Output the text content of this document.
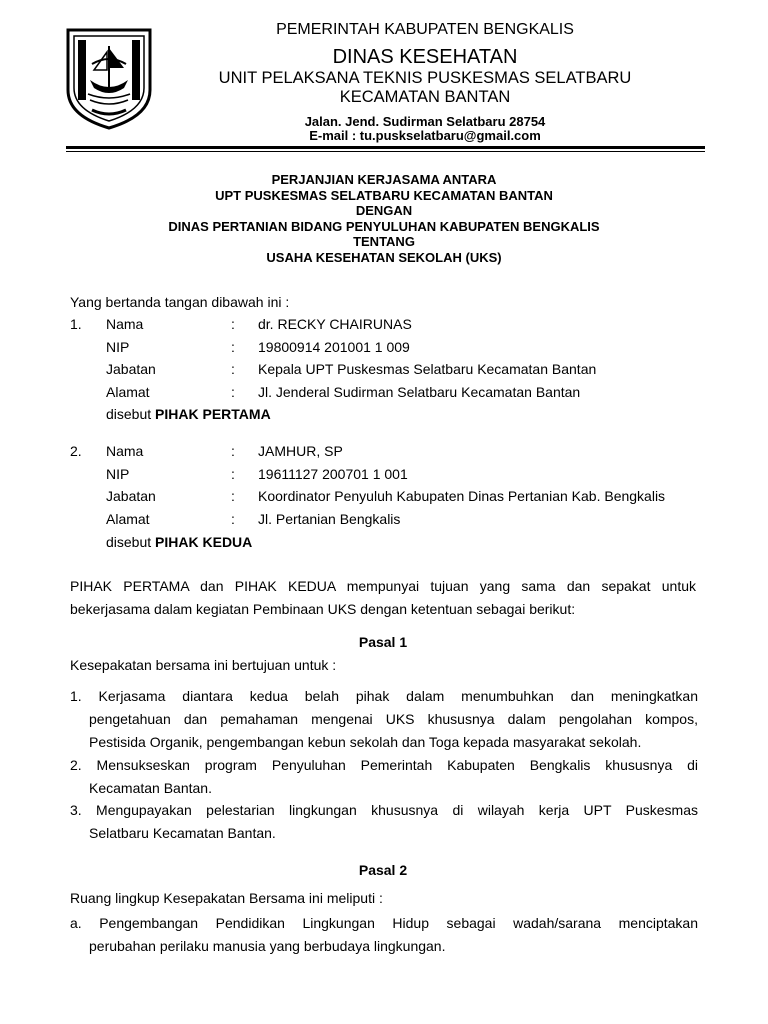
PEMERINTAH KABUPATEN BENGKALIS
DINAS KESEHATAN
UNIT PELAKSANA TEKNIS PUSKESMAS SELATBARU
KECAMATAN BANTAN
Jalan. Jend. Sudirman Selatbaru 28754
E-mail : tu.puskselatbaru@gmail.com
PERJANJIAN KERJASAMA ANTARA
UPT PUSKESMAS SELATBARU KECAMATAN BANTAN
DENGAN
DINAS PERTANIAN BIDANG PENYULUHAN KABUPATEN BENGKALIS
TENTANG
USAHA KESEHATAN SEKOLAH (UKS)
Yang bertanda tangan dibawah ini :
1. Nama	: dr. RECKY CHAIRUNAS
NIP	: 19800914 201001 1 009
Jabatan	: Kepala UPT Puskesmas Selatbaru Kecamatan Bantan
Alamat	: Jl. Jenderal Sudirman Selatbaru Kecamatan Bantan
disebut PIHAK PERTAMA
2. Nama	: JAMHUR, SP
NIP	: 19611127 200701 1 001
Jabatan	: Koordinator Penyuluh Kabupaten Dinas Pertanian Kab. Bengkalis
Alamat	: Jl. Pertanian Bengkalis
disebut PIHAK KEDUA
PIHAK PERTAMA dan PIHAK KEDUA mempunyai tujuan yang sama dan sepakat untuk
bekerjasama dalam kegiatan Pembinaan UKS dengan ketentuan sebagai berikut:
Pasal 1
Kesepakatan bersama ini bertujuan untuk :
1. Kerjasama diantara kedua belah pihak dalam menumbuhkan dan meningkatkan
pengetahuan dan pemahaman mengenai UKS khususnya dalam pengolahan kompos,
Pestisida Organik, pengembangan kebun sekolah dan Toga kepada masyarakat sekolah.
2. Mensukseskan program Penyuluhan Pemerintah Kabupaten Bengkalis khususnya di
Kecamatan Bantan.
3. Mengupayakan pelestarian lingkungan khususnya di wilayah kerja UPT Puskesmas
Selatbaru Kecamatan Bantan.
Pasal 2
Ruang lingkup Kesepakatan Bersama ini meliputi :
a. Pengembangan Pendidikan Lingkungan Hidup sebagai wadah/sarana menciptakan
perubahan perilaku manusia yang berbudaya lingkungan.
